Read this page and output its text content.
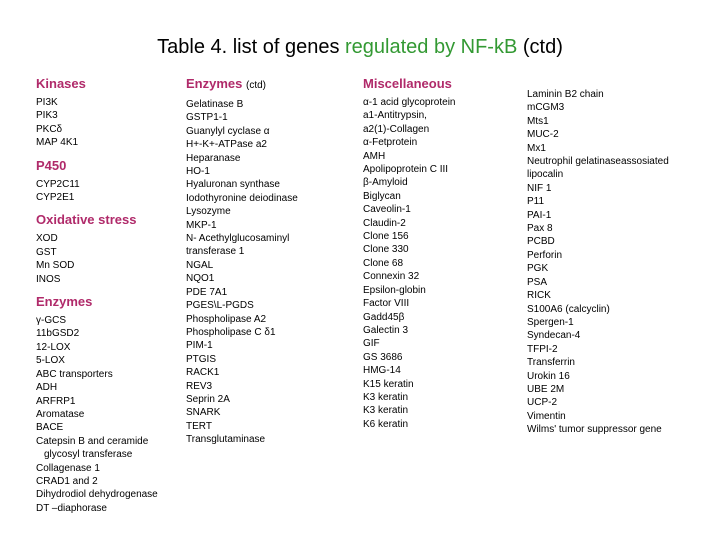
Table 4. list of genes regulated by NF-kB (ctd)
Kinases
PI3K
PIK3
PKCδ
MAP 4K1
P450
CYP2C11
CYP2E1
Oxidative stress
XOD
GST
Mn SOD
INOS
Enzymes
γ-GCS
11bGSD2
12-LOX
5-LOX
ABC transporters
ADH
ARFRP1
Aromatase
BACE
Catepsin B and ceramide
glycosyl transferase
Collagenase 1
CRAD1 and 2
Dihydrodiol dehydrogenase
DT –diaphorase
Enzymes (ctd)
Gelatinase B
GSTP1-1
Guanylyl cyclase α
H+-K+-ATPase a2
Heparanase
HO-1
Hyaluronan synthase
Iodothyronine deiodinase
Lysozyme
MKP-1
N- Acethylglucosaminyl
transferase 1
NGAL
NQO1
PDE 7A1
PGES\L-PGDS
Phospholipase A2
Phospholipase C δ1
PIM-1
PTGIS
RACK1
REV3
Seprin 2A
SNARK
TERT
Transglutaminase
Miscellaneous
α-1 acid glycoprotein
a1-Antitrypsin,
a2(1)-Collagen
α-Fetprotein
AMH
Apolipoprotein C III
β-Amyloid
Biglycan
Caveolin-1
Claudin-2
Clone 156
Clone 330
Clone 68
Connexin 32
Epsilon-globin
Factor VIII
Gadd45β
Galectin 3
GIF
GS 3686
HMG-14
K15 keratin
K3 keratin
K3 keratin
K6 keratin
Laminin B2 chain
mCGM3
Mts1
MUC-2
Mx1
Neutrophil gelatinaseassosiated
lipocalin
NIF 1
P11
PAI-1
Pax 8
PCBD
Perforin
PGK
PSA
RICK
S100A6 (calcyclin)
Spergen-1
Syndecan-4
TFPI-2
Transferrin
Urokin 16
UBE 2M
UCP-2
Vimentin
Wilms' tumor suppressor gene
